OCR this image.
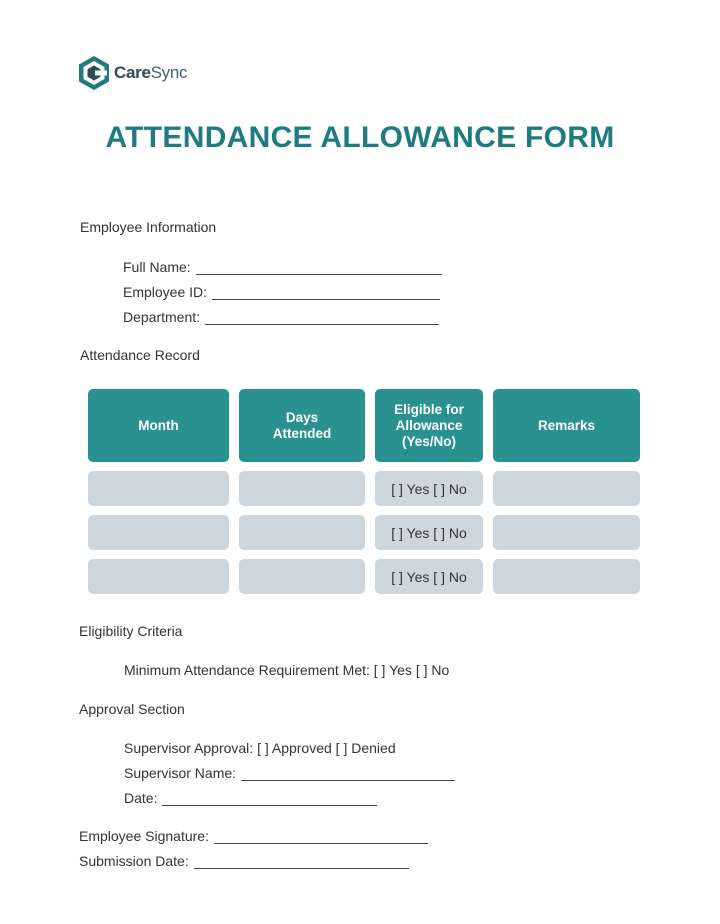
CareSync
ATTENDANCE ALLOWANCE FORM
Employee Information
Full Name:
Employee ID:
Department:
Attendance Record
Month
Days Attended
Eligible for Allowance (Yes/No)
Remarks
[ ] Yes [ ] No
[ ] Yes [ ] No
[ ] Yes [ ] No
Eligibility Criteria
Minimum Attendance Requirement Met: [ ] Yes [ ] No
Approval Section
Supervisor Approval: [ ] Approved [ ] Denied
Supervisor Name:
Date:
Employee Signature:
Submission Date:
